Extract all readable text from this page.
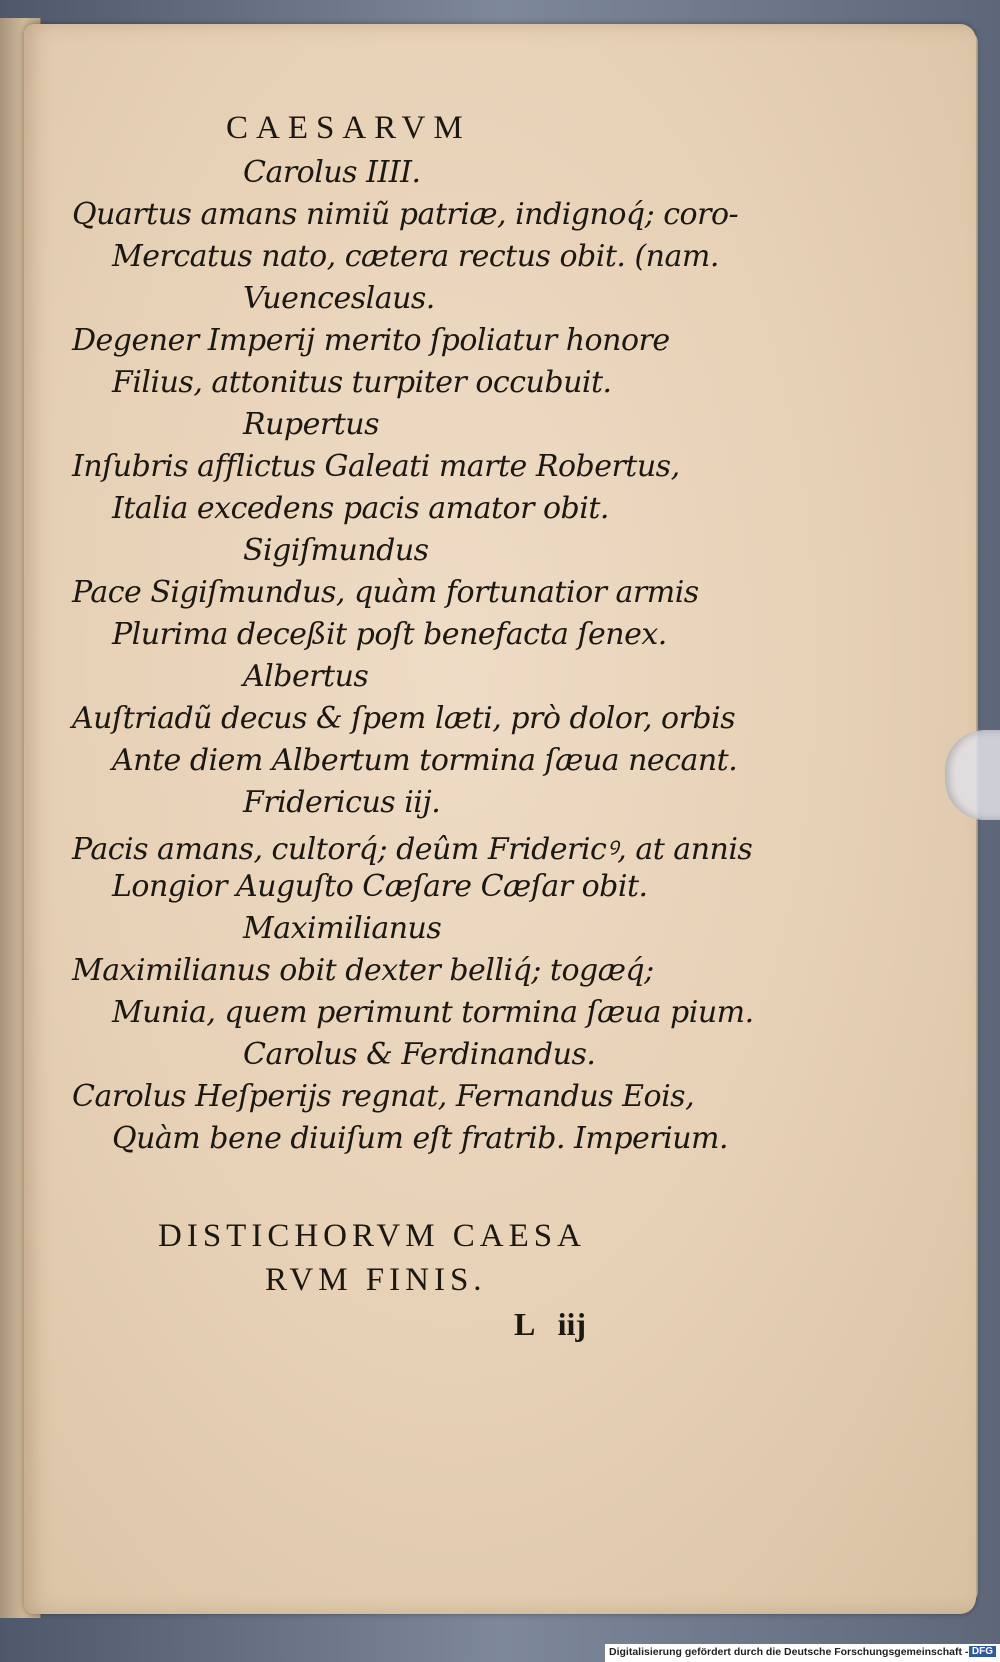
CAESARVM
Carolus IIII.
Quartus amans nimiũ patriæ, indignoq́; coro-
Mercatus nato, cætera rectus obit. (nam.
Vuenceslaus.
Degener Imperij merito ſpoliatur honore
Filius, attonitus turpiter occubuit.
Rupertus
Inſubris afflictus Galeati marte Robertus,
Italia excedens pacis amator obit.
Sigiſmundus
Pace Sigiſmundus, quàm fortunatior armis
Plurima deceßit poſt benefacta ſenex.
Albertus
Auſtriadũ decus & ſpem læti, prò dolor, orbis
Ante diem Albertum tormina ſæua necant.
Fridericus iij.
Pacis amans, cultorq́; deûm Fridericꝰ, at annis
Longior Auguſto Cæſare Cæſar obit.
Maximilianus
Maximilianus obit dexter belliq́; togæq́;
Munia, quem perimunt tormina ſæua pium.
Carolus & Ferdinandus.
Carolus Heſperijs regnat, Fernandus Eois,
Quàm bene diuiſum eſt fratrib. Imperium.
DISTICHORVM CAESA
RVM FINIS.
L   iij
Digitalisierung gefördert durch die Deutsche Forschungsgemeinschaft - DFG
